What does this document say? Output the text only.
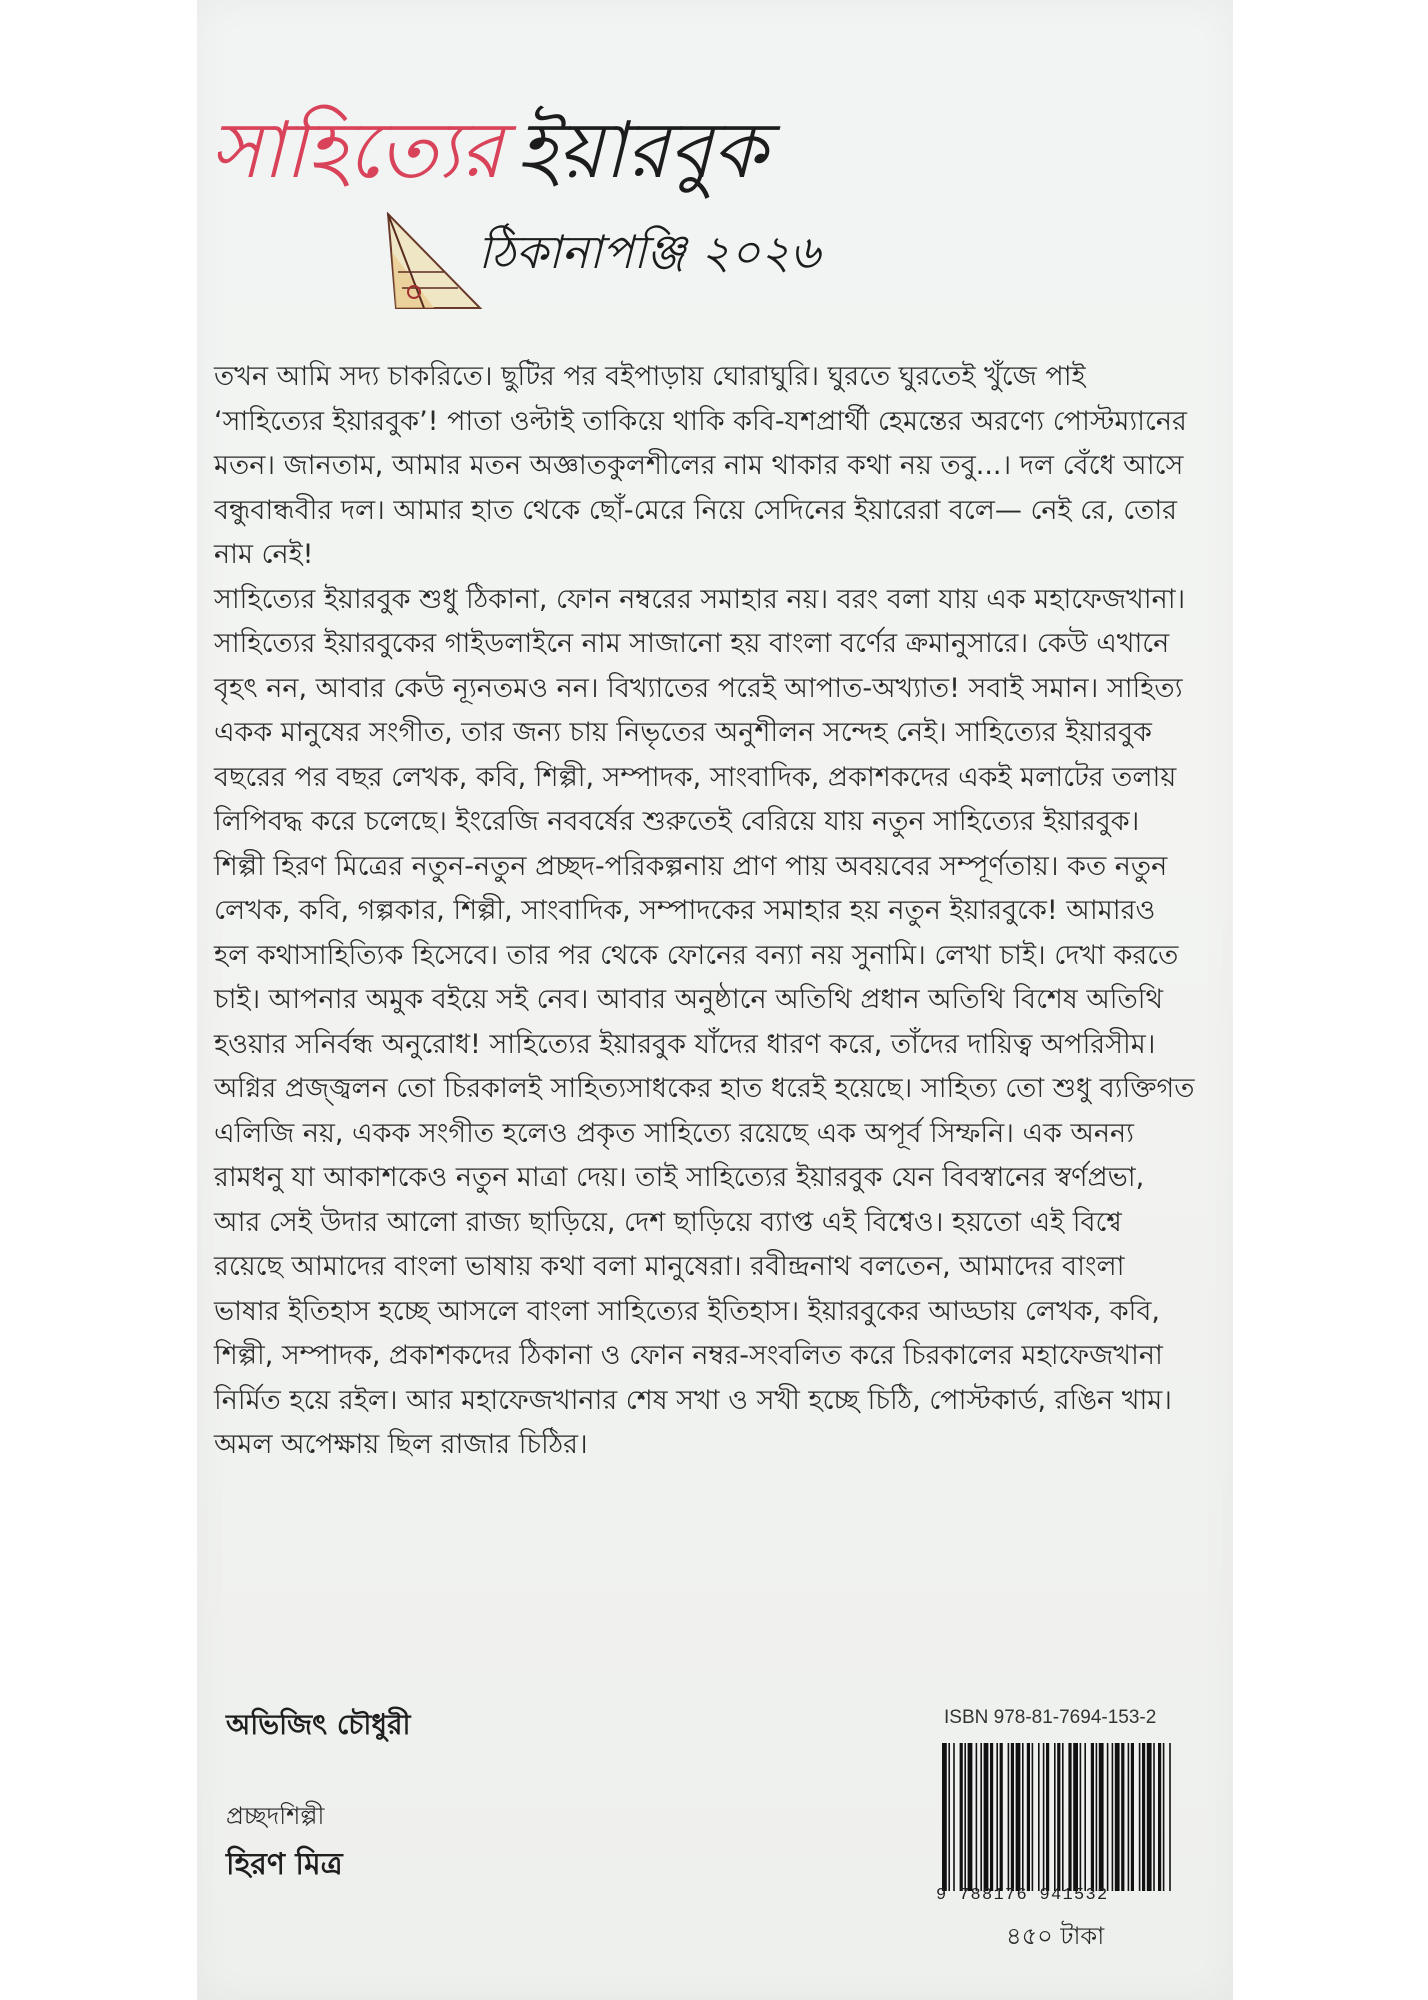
সাহিত্যের ইয়ারবুক
ঠিকানাপঞ্জি ২০২৬

তখন আমি সদ্য চাকরিতে। ছুটির পর বইপাড়ায় ঘোরাঘুরি। ঘুরতে ঘুরতেই খুঁজে পাই ‘সাহিত্যের ইয়ারবুক’! পাতা ওল্টাই তাকিয়ে থাকি কবি-যশপ্রার্থী হেমন্তের অরণ্যে পোস্টম্যানের মতন। জানতাম, আমার মতন অজ্ঞাতকুলশীলের নাম থাকার কথা নয় তবু...। দল বেঁধে আসে বন্ধুবান্ধবীর দল। আমার হাত থেকে ছোঁ-মেরে নিয়ে সেদিনের ইয়ারেরা বলে— নেই রে, তোর নাম নেই!

সাহিত্যের ইয়ারবুক শুধু ঠিকানা, ফোন নম্বরের সমাহার নয়। বরং বলা যায় এক মহাফেজখানা। সাহিত্যের ইয়ারবুকের গাইডলাইনে নাম সাজানো হয় বাংলা বর্ণের ক্রমানুসারে। কেউ এখানে বৃহৎ নন, আবার কেউ ন্যূনতমও নন। বিখ্যাতের পরেই আপাত-অখ্যাত! সবাই সমান। সাহিত্য একক মানুষের সংগীত, তার জন্য চায় নিভৃতের অনুশীলন সন্দেহ নেই। সাহিত্যের ইয়ারবুক বছরের পর বছর লেখক, কবি, শিল্পী, সম্পাদক, সাংবাদিক, প্রকাশকদের একই মলাটের তলায় লিপিবদ্ধ করে চলেছে। ইংরেজি নববর্ষের শুরুতেই বেরিয়ে যায় নতুন সাহিত্যের ইয়ারবুক। শিল্পী হিরণ মিত্রের নতুন-নতুন প্রচ্ছদ-পরিকল্পনায় প্রাণ পায় অবয়বের সম্পূর্ণতায়। কত নতুন লেখক, কবি, গল্পকার, শিল্পী, সাংবাদিক, সম্পাদকের সমাহার হয় নতুন ইয়ারবুকে! আমারও হল কথাসাহিত্যিক হিসেবে। তার পর থেকে ফোনের বন্যা নয় সুনামি। লেখা চাই। দেখা করতে চাই। আপনার অমুক বইয়ে সই নেব। আবার অনুষ্ঠানে অতিথি প্রধান অতিথি বিশেষ অতিথি হওয়ার সনির্বন্ধ অনুরোধ! সাহিত্যের ইয়ারবুক যাঁদের ধারণ করে, তাঁদের দায়িত্ব অপরিসীম। অগ্নির প্রজ্জ্বলন তো চিরকালই সাহিত্যসাধকের হাত ধরেই হয়েছে। সাহিত্য তো শুধু ব্যক্তিগত এলিজি নয়, একক সংগীত হলেও প্রকৃত সাহিত্যে রয়েছে এক অপূর্ব সিম্ফনি। এক অনন্য রামধনু যা আকাশকেও নতুন মাত্রা দেয়। তাই সাহিত্যের ইয়ারবুক যেন বিবস্বানের স্বর্ণপ্রভা, আর সেই উদার আলো রাজ্য ছাড়িয়ে, দেশ ছাড়িয়ে ব্যাপ্ত এই বিশ্বেও। হয়তো এই বিশ্বে রয়েছে আমাদের বাংলা ভাষায় কথা বলা মানুষেরা। রবীন্দ্রনাথ বলতেন, আমাদের বাংলা ভাষার ইতিহাস হচ্ছে আসলে বাংলা সাহিত্যের ইতিহাস। ইয়ারবুকের আড্ডায় লেখক, কবি, শিল্পী, সম্পাদক, প্রকাশকদের ঠিকানা ও ফোন নম্বর-সংবলিত করে চিরকালের মহাফেজখানা নির্মিত হয়ে রইল। আর মহাফেজখানার শেষ সখা ও সখী হচ্ছে চিঠি, পোস্টকার্ড, রঙিন খাম। অমল অপেক্ষায় ছিল রাজার চিঠির।

অভিজিৎ চৌধুরী
প্রচ্ছদশিল্পী
হিরণ মিত্র
ISBN 978-81-7694-153-2
9 788176 941532
৪৫০ টাকা
